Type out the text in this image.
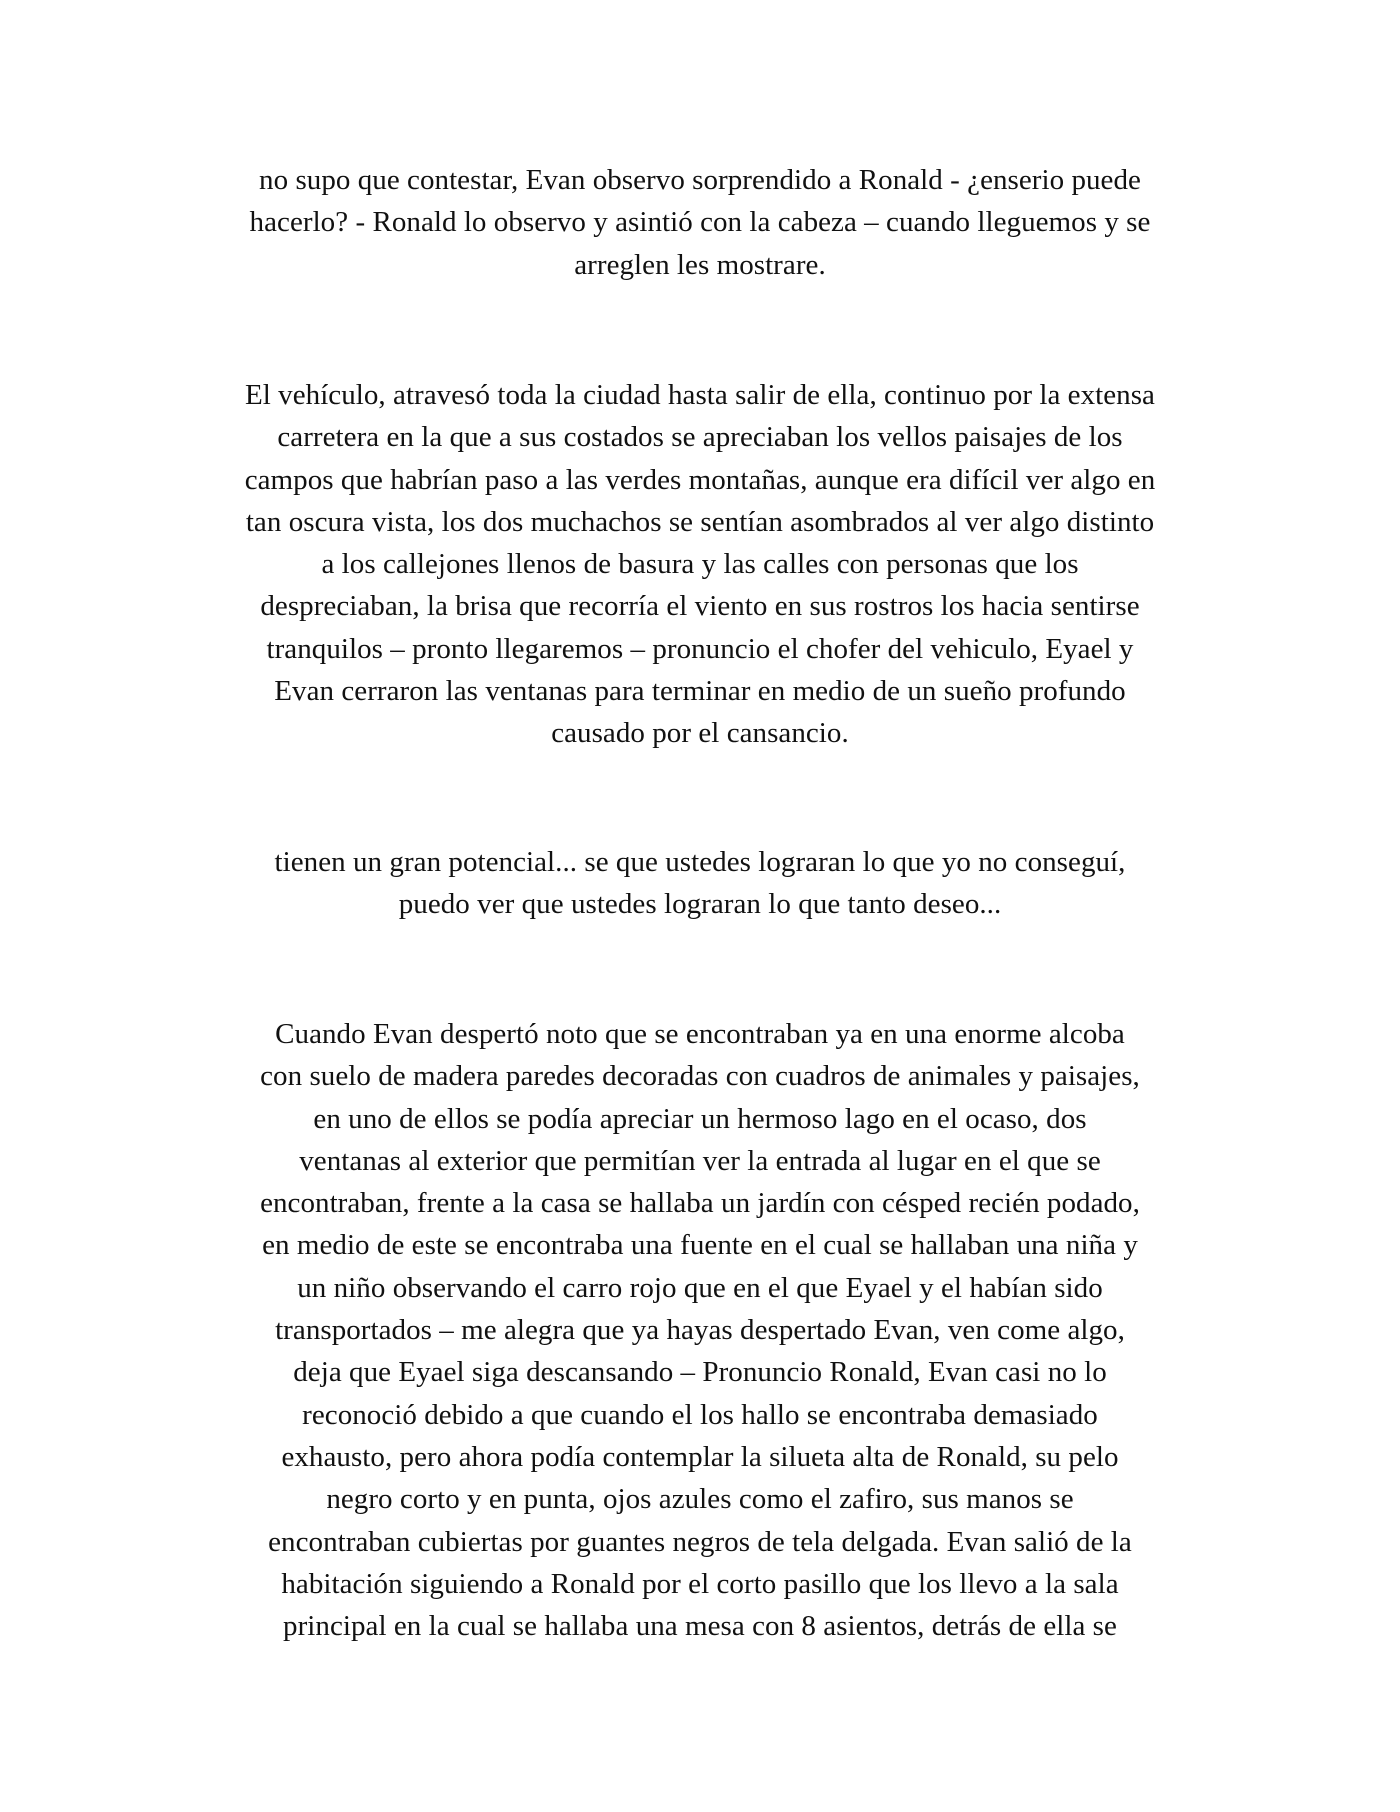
no supo que contestar, Evan observo sorprendido a Ronald - ¿enserio puede
hacerlo? - Ronald lo observo y asintió con la cabeza – cuando lleguemos y se
arreglen les mostrare.
El vehículo, atravesó toda la ciudad hasta salir de ella, continuo por la extensa
carretera en la que a sus costados se apreciaban los vellos paisajes de los
campos que habrían paso a las verdes montañas, aunque era difícil ver algo en
tan oscura vista, los dos muchachos se sentían asombrados al ver algo distinto
a los callejones llenos de basura y las calles con personas que los
despreciaban, la brisa que recorría el viento en sus rostros los hacia sentirse
tranquilos – pronto llegaremos – pronuncio el chofer del vehiculo, Eyael y
Evan cerraron las ventanas para terminar en medio de un sueño profundo
causado por el cansancio.
tienen un gran potencial... se que ustedes lograran lo que yo no conseguí,
puedo ver que ustedes lograran lo que tanto deseo...
Cuando Evan despertó noto que se encontraban ya en una enorme alcoba
con suelo de madera paredes decoradas con cuadros de animales y paisajes,
en uno de ellos se podía apreciar un hermoso lago en el ocaso, dos
ventanas al exterior que permitían ver la entrada al lugar en el que se
encontraban, frente a la casa se hallaba un jardín con césped recién podado,
en medio de este se encontraba una fuente en el cual se hallaban una niña y
un niño observando el carro rojo que en el que Eyael y el habían sido
transportados – me alegra que ya hayas despertado Evan, ven come algo,
deja que Eyael siga descansando – Pronuncio Ronald, Evan casi no lo
reconoció debido a que cuando el los hallo se encontraba demasiado
exhausto, pero ahora podía contemplar la silueta alta de Ronald, su pelo
negro corto y en punta, ojos azules como el zafiro, sus manos se
encontraban cubiertas por guantes negros de tela delgada. Evan salió de la
habitación siguiendo a Ronald por el corto pasillo que los llevo a la sala
principal en la cual se hallaba una mesa con 8 asientos, detrás de ella se
